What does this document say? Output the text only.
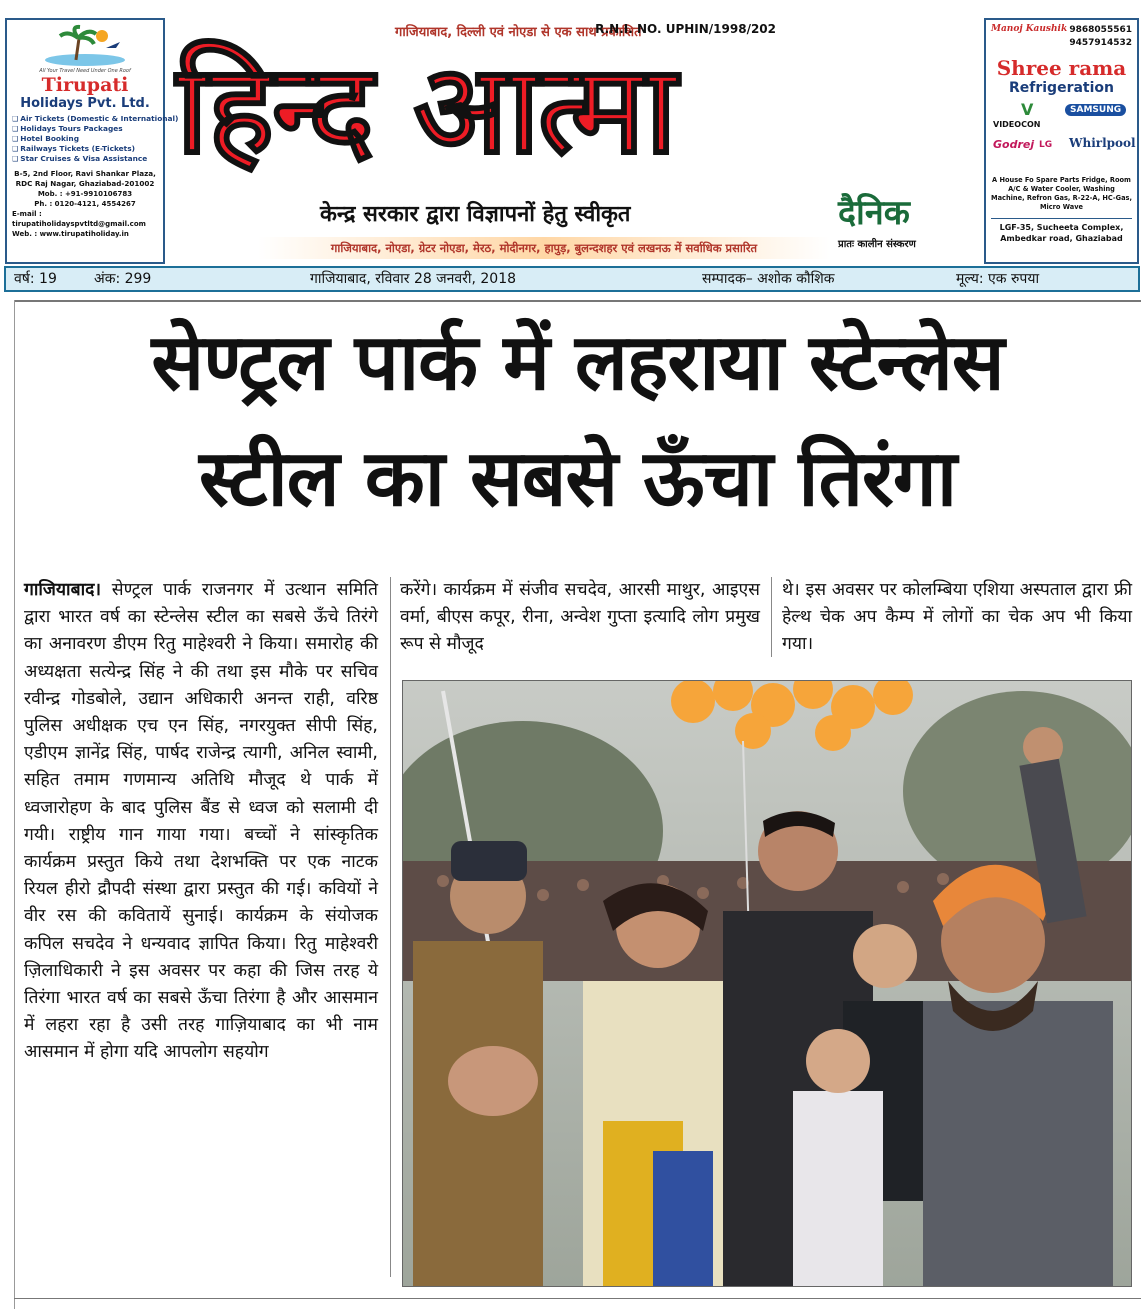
All Your Travel Need Under One Roof
Tirupati
Holidays Pvt. Ltd.
❑ Air Tickets (Domestic & International)
❑ Holidays Tours Packages
❑ Hotel Booking
❑ Railways Tickets (E-Tickets)
❑ Star Cruises & Visa Assistance
B-5, 2nd Floor, Ravi Shankar Plaza, RDC Raj Nagar, Ghaziabad-201002
Mob. : +91-9910106783
Ph. : 0120-4121, 4554267
E-mail : tirupatiholidayspvtltd@gmail.com
Web. : www.tirupatiholiday.in
गाजियाबाद, दिल्ली एवं नोएडा से एक साथ प्रकाशित
R.N.I. NO. UPHIN/1998/202
हिन्द आत्मा
केन्द्र सरकार द्वारा विज्ञापनों हेतु स्वीकृत	दैनिक
गाजियाबाद, नोएडा, ग्रेटर नोएडा, मेरठ, मोदीनगर, हापुड़, बुलन्दशहर एवं लखनऊ में सर्वाधिक प्रसारित	प्रातः कालीन संस्करण
Manoj Kaushik 9868055561
9457914532
Shree rama
Refrigeration
V
VIDEOCON
SAMSUNG
Godrej LG Whirlpool
A House Fo Spare Parts Fridge, Room A/C & Water Cooler, Washing Machine, Refron Gas, R-22-A, HC-Gas, Micro Wave
LGF-35, Sucheeta Complex, Ambedkar road, Ghaziabad
वर्ष: 19	अंक: 299	गाजियाबाद, रविवार 28 जनवरी, 2018	सम्पादक– अशोक कौशिक	मूल्य: एक रुपया
सेण्ट्रल पार्क में लहराया स्टेन्लेस
स्टील का सबसे ऊँचा तिरंगा
गाजियाबाद। सेण्ट्रल पार्क राजनगर में उत्थान समिति द्वारा भारत वर्ष का स्टेन्लेस स्टील का सबसे ऊँचे तिरंगे का अनावरण डीएम रितु माहेश्वरी ने किया। समारोह की अध्यक्षता सत्येन्द्र सिंह ने की तथा इस मौके पर सचिव रवीन्द्र गोडबोले, उद्यान अधिकारी अनन्त राही, वरिष्ठ पुलिस अधीक्षक एच एन सिंह, नगरयुक्त सीपी सिंह, एडीएम ज्ञानेंद्र सिंह, पार्षद राजेन्द्र त्यागी, अनिल स्वामी, सहित तमाम गणमान्य अतिथि मौजूद थे पार्क में ध्वजारोहण के बाद पुलिस बैंड से ध्वज को सलामी दी गयी। राष्ट्रीय गान गाया गया। बच्चों ने सांस्कृतिक कार्यक्रम प्रस्तुत किये तथा देशभक्ति पर एक नाटक रियल हीरो द्रौपदी संस्था द्वारा प्रस्तुत की गई। कवियों ने वीर रस की कवितायें सुनाई। कार्यक्रम के संयोजक कपिल सचदेव ने धन्यवाद ज्ञापित किया। रितु माहेश्वरी ज़िलाधिकारी ने इस अवसर पर कहा की जिस तरह ये तिरंगा भारत वर्ष का सबसे ऊँचा तिरंगा है और आसमान में लहरा रहा है उसी तरह गाज़ियाबाद का भी नाम आसमान में होगा यदि आपलोग सहयोग
करेंगे। कार्यक्रम में संजीव सचदेव, आरसी माथुर, आइएस वर्मा, बीएस कपूर, रीना, अन्वेश गुप्ता इत्यादि लोग प्रमुख रूप से मौजूद
थे। इस अवसर पर कोलम्बिया एशिया अस्पताल द्वारा फ्री हेल्थ चेक अप कैम्प में लोगों का चेक अप भी किया गया।
